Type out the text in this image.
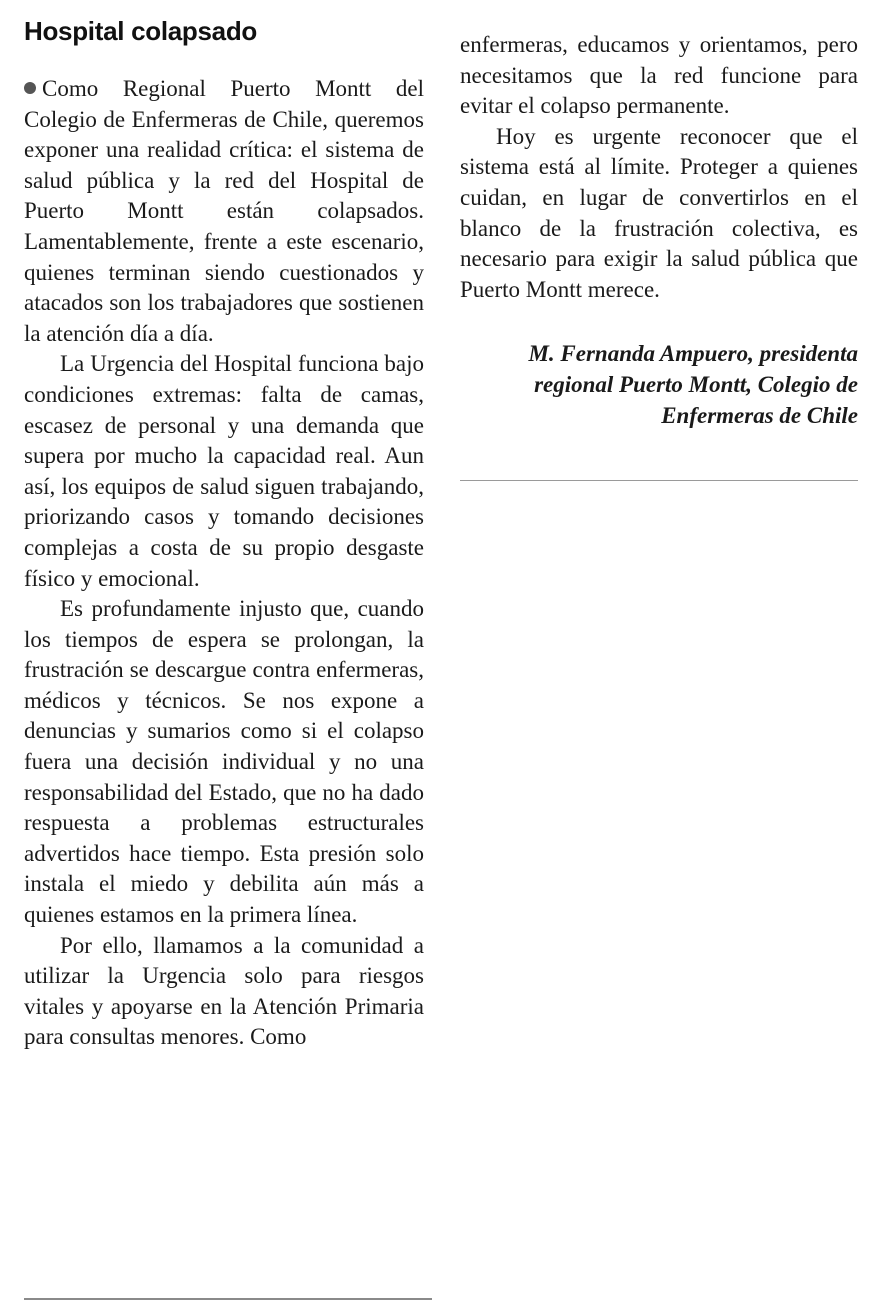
Hospital colapsado

Como Regional Puerto Montt del Colegio de Enfermeras de Chile, queremos exponer una realidad crítica: el sistema de salud pública y la red del Hospital de Puerto Montt están colapsados. Lamentablemente, frente a este escenario, quienes terminan siendo cuestionados y atacados son los trabajadores que sostienen la atención día a día.

La Urgencia del Hospital funciona bajo condiciones extremas: falta de camas, escasez de personal y una demanda que supera por mucho la capacidad real. Aun así, los equipos de salud siguen trabajando, priorizando casos y tomando decisiones complejas a costa de su propio desgaste físico y emocional.

Es profundamente injusto que, cuando los tiempos de espera se prolongan, la frustración se descargue contra enfermeras, médicos y técnicos. Se nos expone a denuncias y sumarios como si el colapso fuera una decisión individual y no una responsabilidad del Estado, que no ha dado respuesta a problemas estructurales advertidos hace tiempo. Esta presión solo instala el miedo y debilita aún más a quienes estamos en la primera línea.

Por ello, llamamos a la comunidad a utilizar la Urgencia solo para riesgos vitales y apoyarse en la Atención Primaria para consultas menores. Como

enfermeras, educamos y orientamos, pero necesitamos que la red funcione para evitar el colapso permanente.

Hoy es urgente reconocer que el sistema está al límite. Proteger a quienes cuidan, en lugar de convertirlos en el blanco de la frustración colectiva, es necesario para exigir la salud pública que Puerto Montt merece.

M. Fernanda Ampuero, presidenta
regional Puerto Montt, Colegio de
Enfermeras de Chile
